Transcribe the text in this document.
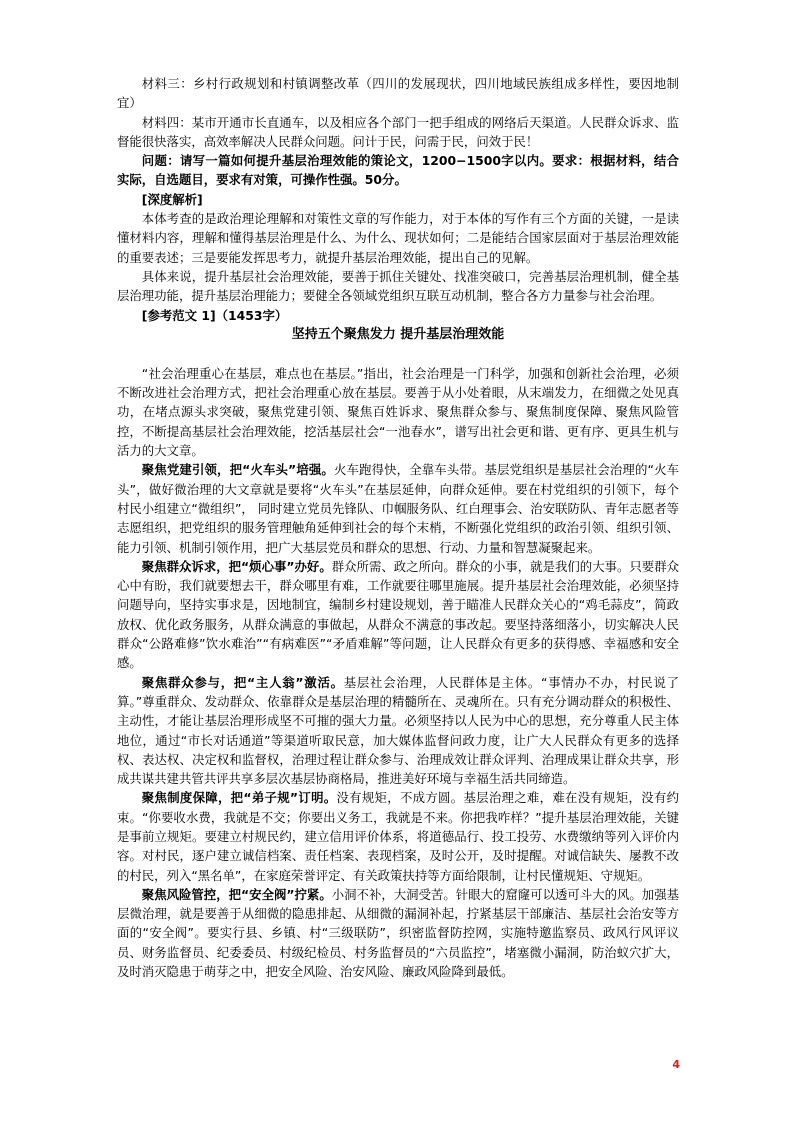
材料三：乡村行政规划和村镇调整改革（四川的发展现状，四川地域民族组成多样性，要因地制宜）

材料四：某市开通市长直通车，以及相应各个部门一把手组成的网络后天渠道。人民群众诉求、监督能很快落实，高效率解决人民群众问题。问计于民，问需于民，问效于民！

问题：请写一篇如何提升基层治理效能的策论文，1200−1500字以内。要求：根据材料，结合实际，自选题目，要求有对策，可操作性强。50分。

[深度解析]

本体考查的是政治理论理解和对策性文章的写作能力，对于本体的写作有三个方面的关键，一是读懂材料内容，理解和懂得基层治理是什么、为什么、现状如何；二是能结合国家层面对于基层治理效能的重要表述；三是要能发挥思考力，就提升基层治理效能，提出自己的见解。

具体来说，提升基层社会治理效能，要善于抓住关键处、找准突破口，完善基层治理机制，健全基层治理功能，提升基层治理能力；要健全各领域党组织互联互动机制，整合各方力量参与社会治理。

[参考范文 1]（1453字）

坚持五个聚焦发力 提升基层治理效能

“社会治理重心在基层，难点也在基层。”指出，社会治理是一门科学，加强和创新社会治理，必须不断改进社会治理方式，把社会治理重心放在基层。要善于从小处着眼，从末端发力，在细微之处见真功，在堵点源头求突破，聚焦党建引领、聚焦百姓诉求、聚焦群众参与、聚焦制度保障、聚焦风险管控，不断提高基层社会治理效能，挖活基层社会“一池春水”，谱写出社会更和谐、更有序、更具生机与活力的大文章。

聚焦党建引领，把“火车头”培强。火车跑得快，全靠车头带。基层党组织是基层社会治理的“火车头”，做好微治理的大文章就是要将“火车头”在基层延伸，向群众延伸。要在村党组织的引领下，每个村民小组建立“微组织”， 同时建立党员先锋队、巾帼服务队、红白理事会、治安联防队、青年志愿者等志愿组织，把党组织的服务管理触角延伸到社会的每个末梢，不断强化党组织的政治引领、组织引领、能力引领、机制引领作用，把广大基层党员和群众的思想、行动、力量和智慧凝聚起来。

聚焦群众诉求，把“烦心事”办好。群众所需、政之所向。群众的小事，就是我们的大事。只要群众心中有盼，我们就要想去干，群众哪里有难，工作就要往哪里施展。提升基层社会治理效能，必须坚持问题导向，坚持实事求是，因地制宜，编制乡村建设规划，善于瞄准人民群众关心的“鸡毛蒜皮”，简政放权、优化政务服务，从群众满意的事做起，从群众不满意的事改起。要坚持落细落小，切实解决人民群众“公路难修”饮水难治”“有病难医”“矛盾难解”等问题，让人民群众有更多的获得感、幸福感和安全感。

聚焦群众参与，把“主人翁”激活。基层社会治理，人民群体是主体。“事情办不办，村民说了算。”尊重群众、发动群众、依靠群众是基层治理的精髓所在、灵魂所在。只有充分调动群众的积极性、主动性，才能让基层治理形成坚不可摧的强大力量。必须坚持以人民为中心的思想，充分尊重人民主体地位，通过“市长对话通道”等渠道听取民意，加大媒体监督问政力度，让广大人民群众有更多的选择权、表达权、决定权和监督权，治理过程让群众参与、治理成效让群众评判、治理成果让群众共享，形成共谋共建共管共评共享多层次基层协商格局，推进美好环境与幸福生活共同缔造。

聚焦制度保障，把“弟子规”订明。没有规矩，不成方圆。基层治理之难，难在没有规矩，没有约束。“你要收水费，我就是不交；你要出义务工，我就是不来。你把我咋样？”提升基层治理效能，关键是事前立规矩。要建立村规民约，建立信用评价体系，将道德品行、投工投劳、水费缴纳等列入评价内容。对村民，逐户建立诚信档案、责任档案、表现档案，及时公开，及时提醒。对诚信缺失、屡教不改的村民，列入“黑名单”，在家庭荣誉评定、有关政策扶持等方面给限制，让村民懂规矩、守规矩。

聚焦风险管控，把“安全阀”拧紧。小洞不补，大洞受苦。针眼大的窟窿可以透可斗大的风。加强基层微治理，就是要善于从细微的隐患排起、从细微的漏洞补起，拧紧基层干部廉洁、基层社会治安等方面的“安全阀”。要实行县、乡镇、村“三级联防”，织密监督防控网，实施特邀监察员、政风行风评议员、财务监督员、纪委委员、村级纪检员、村务监督员的“六员监控”，堵塞微小漏洞，防治蚁穴扩大，及时消灭隐患于萌芽之中，把安全风险、治安风险、廉政风险降到最低。

4
